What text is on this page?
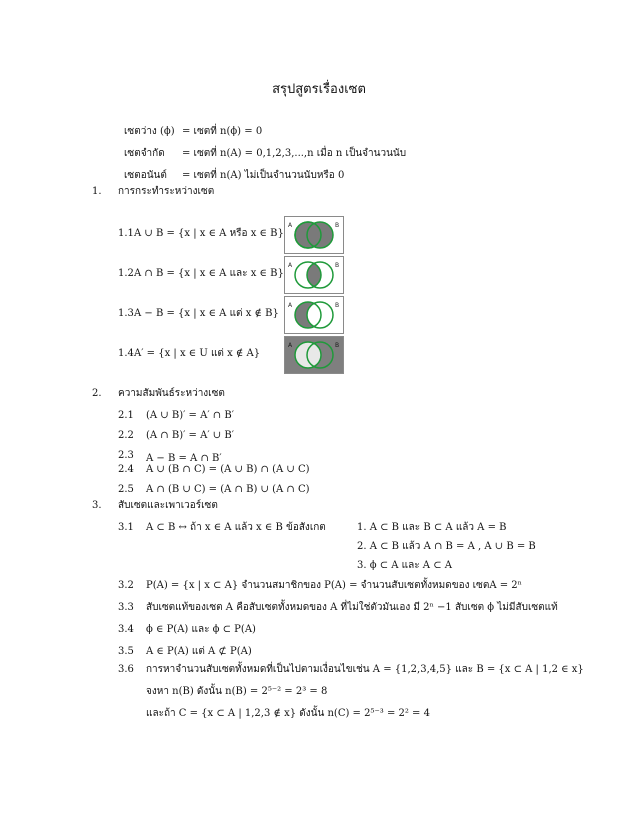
สรุปสูตรเรื่องเซต
เซตว่าง (ϕ) = เซตที่ n(ϕ) = 0
เซตจำกัด = เซตที่ n(A) = 0,1,2,3,...,n เมื่อ n เป็นจำนวนนับ
เซตอนันต์ = เซตที่ n(A) ไม่เป็นจำนวนนับหรือ 0
1. การกระทำระหว่างเซต
1.1 A ∪ B = {x | x ∈ A หรือ x ∈ B}
1.2 A ∩ B = {x | x ∈ A และ x ∈ B}
1.3 A − B = {x | x ∈ A แต่ x ∉ B}
1.4 A′ = {x | x ∈ U แต่ x ∉ A}
A	B
A	B
A	B
A	B
2. ความสัมพันธ์ระหว่างเซต
2.1 (A ∪ B)′ = A′ ∩ B′
2.2 (A ∩ B)′ = A′ ∪ B′
2.3 A − B = A ∩ B′
2.4 A ∪ (B ∩ C) = (A ∪ B) ∩ (A ∪ C)
2.5 A ∩ (B ∪ C) = (A ∩ B) ∪ (A ∩ C)
3. สับเซตและเพาเวอร์เซต
3.1 A ⊂ B ↔ ถ้า x ∈ A แล้ว x ∈ B ข้อสังเกต	1. A ⊂ B และ B ⊂ A แล้ว A = B
2. A ⊂ B แล้ว A ∩ B = A , A ∪ B = B
3. ϕ ⊂ A และ A ⊂ A
3.2 P(A) = {x | x ⊂ A} จำนวนสมาชิกของ P(A) = จำนวนสับเซตทั้งหมดของ เซตA = 2ⁿ
3.3 สับเซตแท้ของเซต A คือสับเซตทั้งหมดของ A ที่ไม่ใช่ตัวมันเอง มี 2ⁿ −1 สับเซต ϕ ไม่มีสับเซตแท้
3.4 ϕ ∈ P(A) และ ϕ ⊂ P(A)
3.5 A ∈ P(A) แต่ A ⊄ P(A)
3.6 การหาจำนวนสับเซตทั้งหมดที่เป็นไปตามเงื่อนไขเช่น A = {1,2,3,4,5} และ B = {x ⊂ A | 1,2 ∈ x}
จงหา n(B) ดังนั้น n(B) = 2⁵⁻² = 2³ = 8
และถ้า C = {x ⊂ A | 1,2,3 ∉ x} ดังนั้น n(C) = 2⁵⁻³ = 2² = 4
